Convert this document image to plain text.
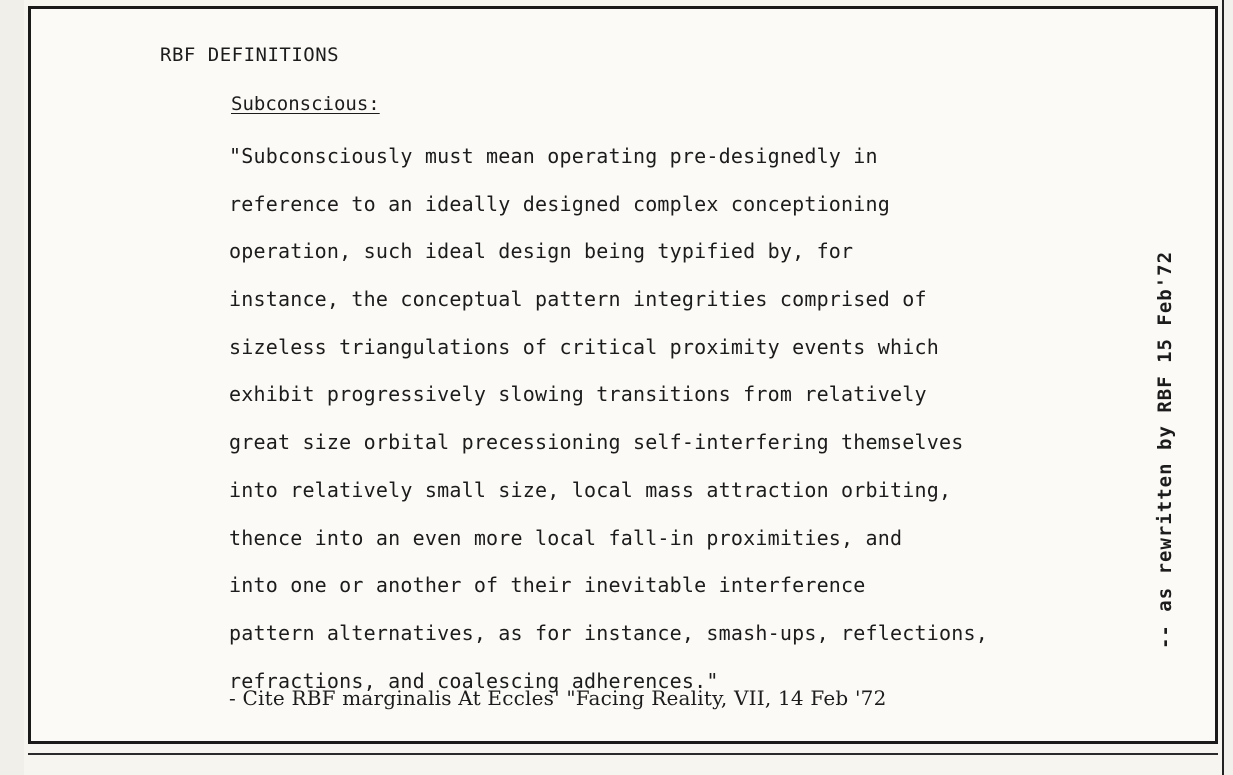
RBF DEFINITIONS
Subconscious:
"Subconsciously must mean operating pre-designedly in
reference to an ideally designed complex conceptioning
operation, such ideal design being typified by, for
instance, the conceptual pattern integrities comprised of
sizeless triangulations of critical proximity events which
exhibit progressively slowing transitions from relatively
great size orbital precessioning self-interfering themselves
into relatively small size, local mass attraction orbiting,
thence into an even more local fall-in proximities, and
into one or another of their inevitable interference
pattern alternatives, as for instance, smash-ups, reflections,
refractions, and coalescing adherences."
- Cite RBF marginalis At Eccles' "Facing Reality, VII, 14 Feb '72
-- as rewritten by RBF 15 Feb'72
